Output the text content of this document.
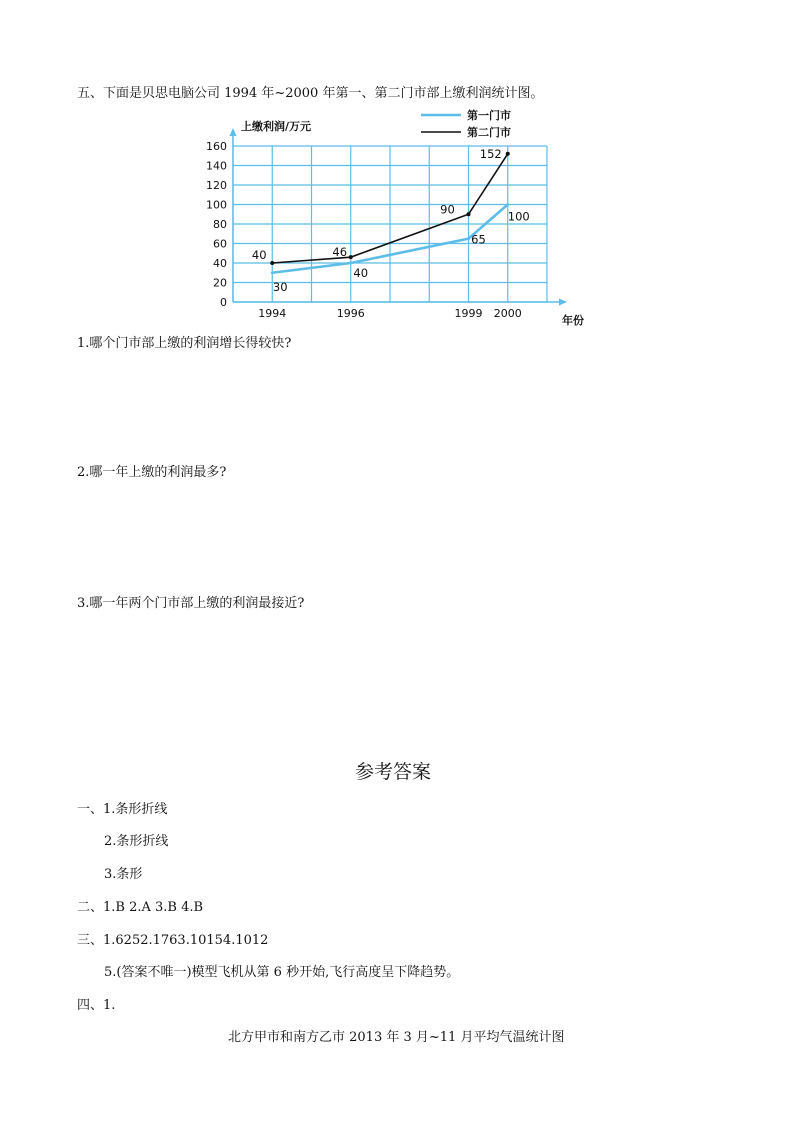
五、下面是贝思电脑公司 1994 年~2000 年第一、第二门市部上缴利润统计图。
0
20
40
60
80
100
120
140
160
1994	1996	1999 2000
上缴利润/万元
年份
30
40
65
100
40	46
90
152
第一门市
第二门市
1.哪个门市部上缴的利润增长得较快?
2.哪一年上缴的利润最多?
3.哪一年两个门市部上缴的利润最接近?
参考答案
一、1.条形折线
2.条形折线
3.条形
二、1.B 2.A 3.B 4.B
三、1.6252.1763.10154.1012
5.(答案不唯一)模型飞机从第 6 秒开始,飞行高度呈下降趋势。
四、1.
北方甲市和南方乙市 2013 年 3 月~11 月平均气温统计图
